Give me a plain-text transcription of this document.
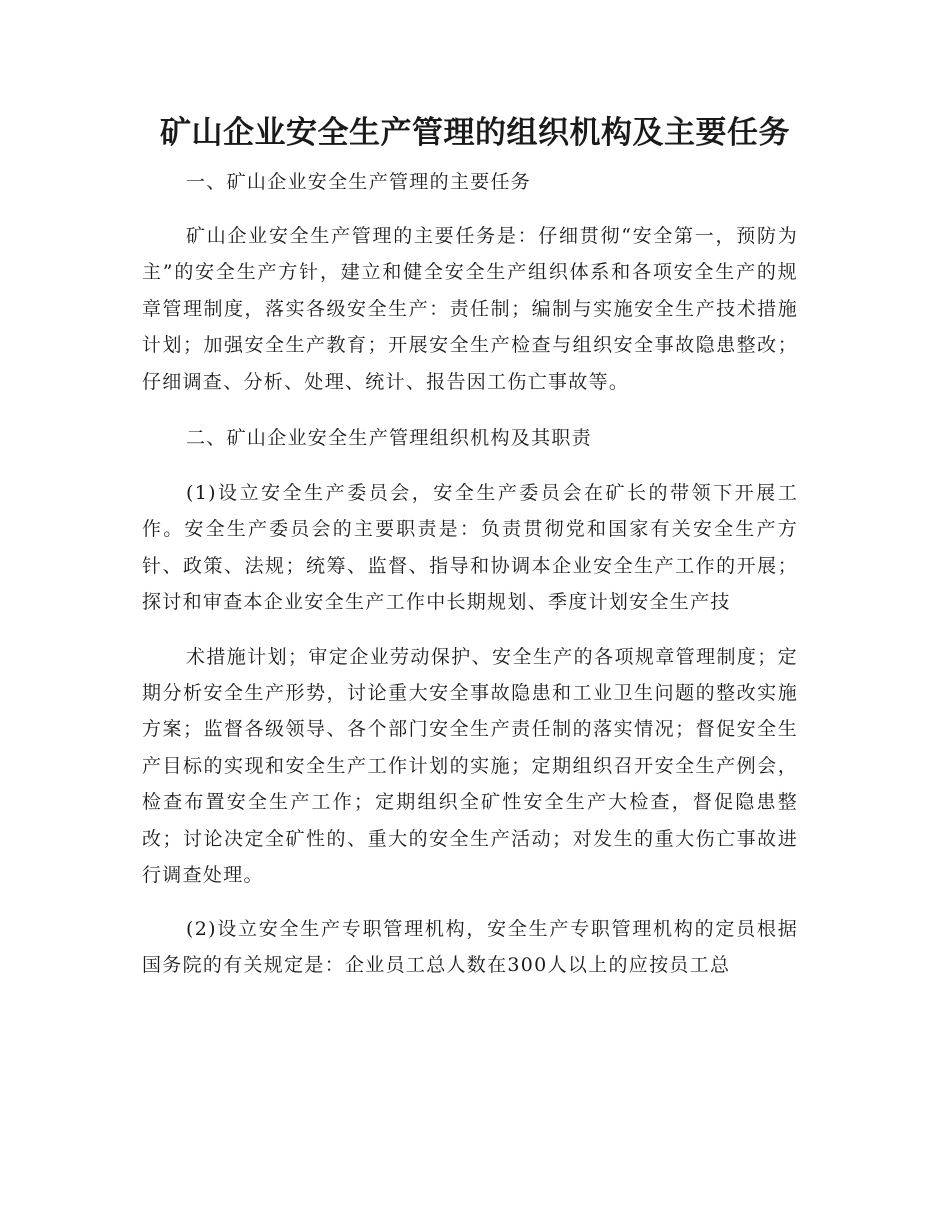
矿山企业安全生产管理的组织机构及主要任务

一、矿山企业安全生产管理的主要任务

矿山企业安全生产管理的主要任务是：仔细贯彻“安全第一，预防为主”的安全生产方针，建立和健全安全生产组织体系和各项安全生产的规章管理制度，落实各级安全生产：责任制；编制与实施安全生产技术措施计划；加强安全生产教育；开展安全生产检查与组织安全事故隐患整改；仔细调查、分析、处理、统计、报告因工伤亡事故等。

二、矿山企业安全生产管理组织机构及其职责

(1)设立安全生产委员会，安全生产委员会在矿长的带领下开展工作。安全生产委员会的主要职责是：负责贯彻党和国家有关安全生产方针、政策、法规；统筹、监督、指导和协调本企业安全生产工作的开展；探讨和审查本企业安全生产工作中长期规划、季度计划安全生产技

术措施计划；审定企业劳动保护、安全生产的各项规章管理制度；定期分析安全生产形势，讨论重大安全事故隐患和工业卫生问题的整改实施方案；监督各级领导、各个部门安全生产责任制的落实情况；督促安全生产目标的实现和安全生产工作计划的实施；定期组织召开安全生产例会，检查布置安全生产工作；定期组织全矿性安全生产大检查，督促隐患整改；讨论决定全矿性的、重大的安全生产活动；对发生的重大伤亡事故进行调查处理。

(2)设立安全生产专职管理机构，安全生产专职管理机构的定员根据国务院的有关规定是：企业员工总人数在300人以上的应按员工总
